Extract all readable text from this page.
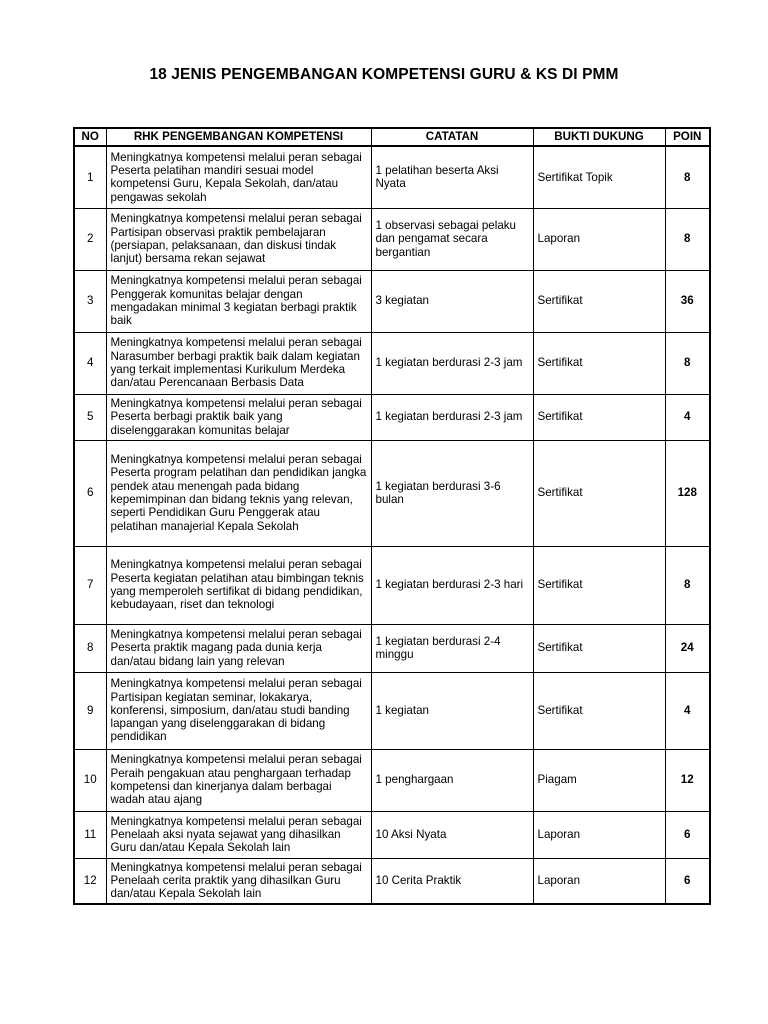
18 JENIS PENGEMBANGAN KOMPETENSI GURU & KS DI PMM
NO	RHK PENGEMBANGAN KOMPETENSI	CATATAN	BUKTI DUKUNG	POIN
1	Meningkatnya kompetensi melalui peran sebagai Peserta pelatihan mandiri sesuai model kompetensi Guru, Kepala Sekolah, dan/atau pengawas sekolah	1 pelatihan beserta Aksi Nyata	Sertifikat Topik	8
2	Meningkatnya kompetensi melalui peran sebagai Partisipan observasi praktik pembelajaran (persiapan, pelaksanaan, dan diskusi tindak lanjut) bersama rekan sejawat	1 observasi sebagai pelaku dan pengamat secara bergantian	Laporan	8
3	Meningkatnya kompetensi melalui peran sebagai Penggerak komunitas belajar dengan mengadakan minimal 3 kegiatan berbagi praktik baik	3 kegiatan	Sertifikat	36
4	Meningkatnya kompetensi melalui peran sebagai Narasumber berbagi praktik baik dalam kegiatan yang terkait implementasi Kurikulum Merdeka dan/atau Perencanaan Berbasis Data	1 kegiatan berdurasi 2-3 jam	Sertifikat	8
5	Meningkatnya kompetensi melalui peran sebagai Peserta berbagi praktik baik yang diselenggarakan komunitas belajar	1 kegiatan berdurasi 2-3 jam	Sertifikat	4
6	Meningkatnya kompetensi melalui peran sebagai Peserta program pelatihan dan pendidikan jangka pendek atau menengah pada bidang kepemimpinan dan bidang teknis yang relevan, seperti Pendidikan Guru Penggerak atau pelatihan manajerial Kepala Sekolah	1 kegiatan berdurasi 3-6 bulan	Sertifikat	128
7	Meningkatnya kompetensi melalui peran sebagai Peserta kegiatan pelatihan atau bimbingan teknis yang memperoleh sertifikat di bidang pendidikan, kebudayaan, riset dan teknologi	1 kegiatan berdurasi 2-3 hari	Sertifikat	8
8	Meningkatnya kompetensi melalui peran sebagai Peserta praktik magang pada dunia kerja dan/atau bidang lain yang relevan	1 kegiatan berdurasi 2-4 minggu	Sertifikat	24
9	Meningkatnya kompetensi melalui peran sebagai Partisipan kegiatan seminar, lokakarya, konferensi, simposium, dan/atau studi banding lapangan yang diselenggarakan di bidang pendidikan	1 kegiatan	Sertifikat	4
10	Meningkatnya kompetensi melalui peran sebagai Peraih pengakuan atau penghargaan terhadap kompetensi dan kinerjanya dalam berbagai wadah atau ajang	1 penghargaan	Piagam	12
11	Meningkatnya kompetensi melalui peran sebagai Penelaah aksi nyata sejawat yang dihasilkan Guru dan/atau Kepala Sekolah lain	10 Aksi Nyata	Laporan	6
12	Meningkatnya kompetensi melalui peran sebagai Penelaah cerita praktik yang dihasilkan Guru dan/atau Kepala Sekolah lain	10 Cerita Praktik	Laporan	6
